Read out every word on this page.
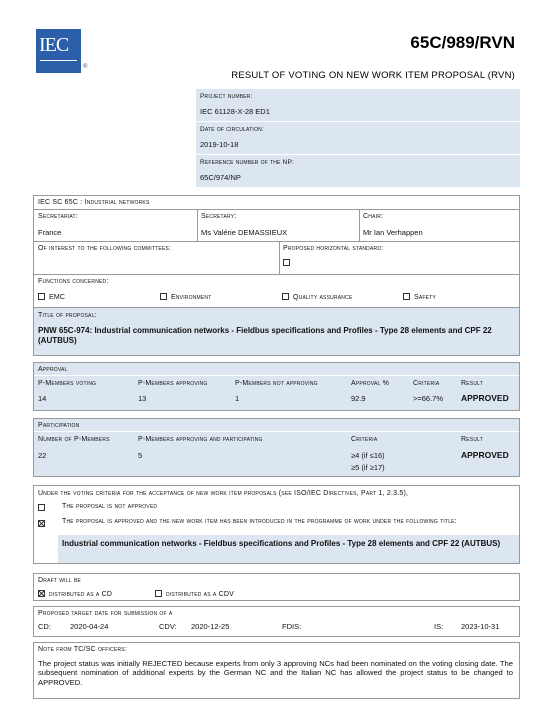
IEC
®
65C/989/RVN
RESULT OF VOTING ON NEW WORK ITEM PROPOSAL (RVN)
Project number:
IEC 61128-X-28 ED1
Date of circulation:
2019-10-18
Reference number of the NP:
65C/974/NP
IEC SC 65C : Industrial networks
Secretariat:
France
Secretary:
Ms Valérie DEMASSIEUX
Chair:
Mr Ian Verhappen
Of interest to the following committees:	Proposed horizontal standard:
Functions concerned:
EMC	Environment	Quality assurance	Safety
Title of proposal:
PNW 65C-974: Industrial communication networks - Fieldbus specifications and Profiles - Type 28 elements and CPF 22 (AUTBUS)
Approval
P-Members voting	P-Members approving	P-Members not approving	Approval %	Criteria	Result
14	13	1	92.9	>=66.7% APPROVED
Participation
Number of P-Members	P-Members approving and participating	Criteria	Result
22	5	≥4 (if ≤16)
≥5 (if ≥17)
APPROVED
Under the voting criteria for the acceptance of new work item proposals (see ISO/IEC Directives, Part 1, 2.3.5),
The proposal is not approved
The proposal is approved and the new work item has been introduced in the programme of work under the following title:
Industrial communication networks - Fieldbus specifications and Profiles - Type 28 elements and CPF 22 (AUTBUS)
Draft will be
distributed as a CD	distributed as a CDV
Proposed target date for submission of a
CD:	2020-04-24	CDV: 2020-12-25	FDIS:	IS: 2023-10-31
Note from TC/SC officers:
The project status was initially REJECTED because experts from only 3 approving NCs had been nominated on the voting closing date. The subsequent nomination of additional experts by the German NC and the Italian NC has allowed the project status to be changed to APPROVED.
